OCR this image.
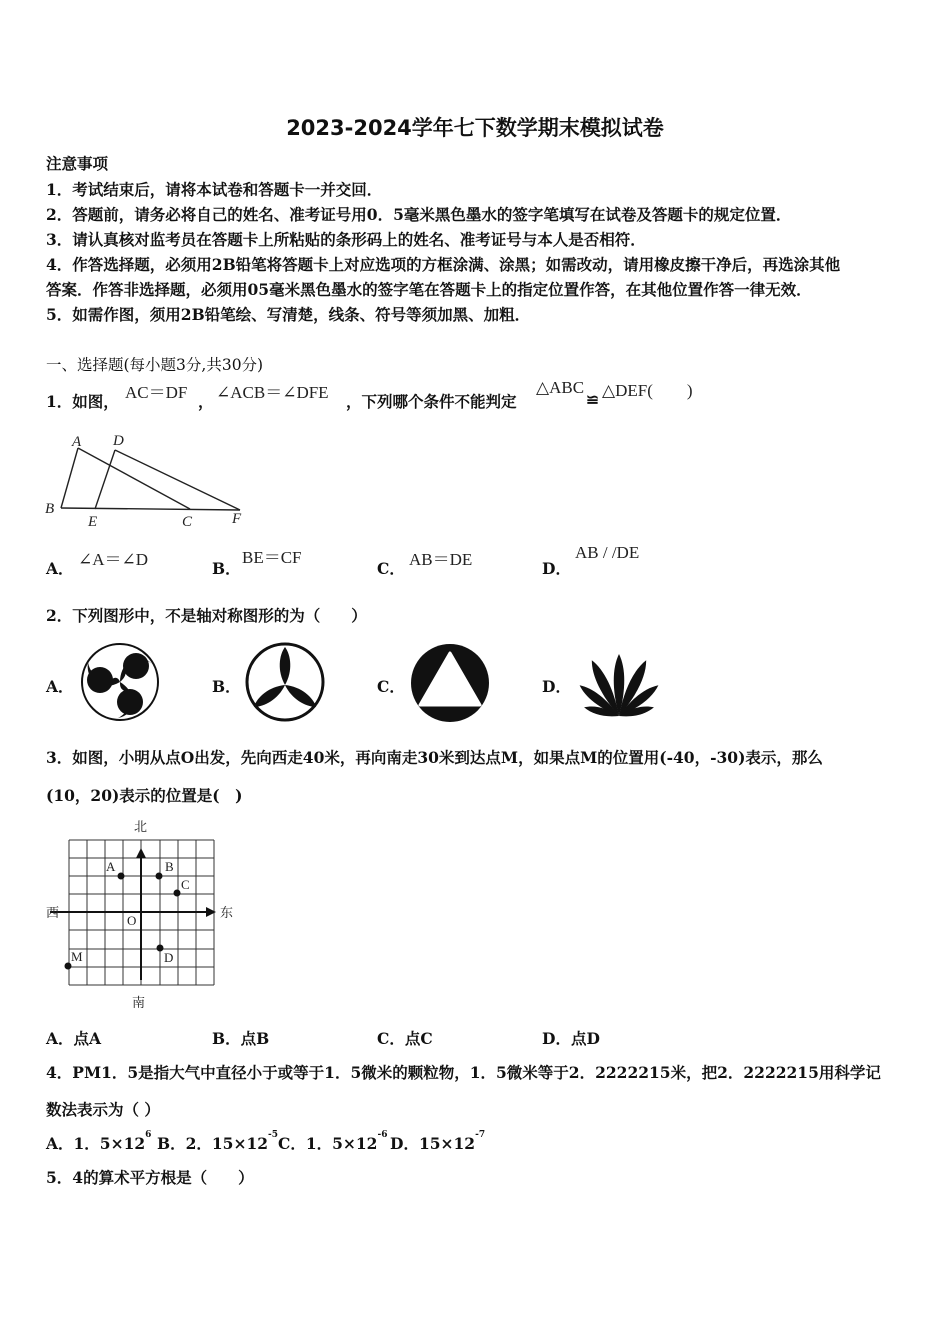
2023-2024学年七下数学期末模拟试卷
注意事项
1．考试结束后，请将本试卷和答题卡一并交回．
2．答题前，请务必将自己的姓名、准考证号用0．5毫米黑色墨水的签字笔填写在试卷及答题卡的规定位置．
3．请认真核对监考员在答题卡上所粘贴的条形码上的姓名、准考证号与本人是否相符．
4．作答选择题，必须用2B铅笔将答题卡上对应选项的方框涂满、涂黑；如需改动，请用橡皮擦干净后，再选涂其他
答案．作答非选择题，必须用05毫米黑色墨水的签字笔在答题卡上的指定位置作答，在其他位置作答一律无效．
5．如需作图，须用2B铅笔绘、写清楚，线条、符号等须加黑、加粗．
一、选择题(每小题3分,共30分)
1．如图， AC＝DF ， ∠ACB＝∠DFE ，下列哪个条件不能判定
△ABC
≌ △DEF(　　)
A D
B
E	C	F
A． ∠A＝∠D	B．
BE＝CF
C． AB＝DE	D．
AB / /DE
2．下列图形中，不是轴对称图形的为（　　）
A．	B．	C．	D．
3．如图，小明从点O出发，先向西走40米，再向南走30米到达点M，如果点M的位置用(-40，-30)表示，那么
(10，20)表示的位置是(　)
北
南
西	东
O
A	B
C
D
M
A．点A	B．点B	C．点C	D．点D
4．PM1．5是指大气中直径小于或等于1．5微米的颗粒物，1．5微米等于2．2222215米，把2．2222215用科学记
数法表示为（ ）
A．1．$5\times 12^6$ B．2．$15\times 12^{-5}$ C．1．$5\times 12^{-6}$ D．$15\times 12^{-7}$
5．4的算术平方根是（　　）
